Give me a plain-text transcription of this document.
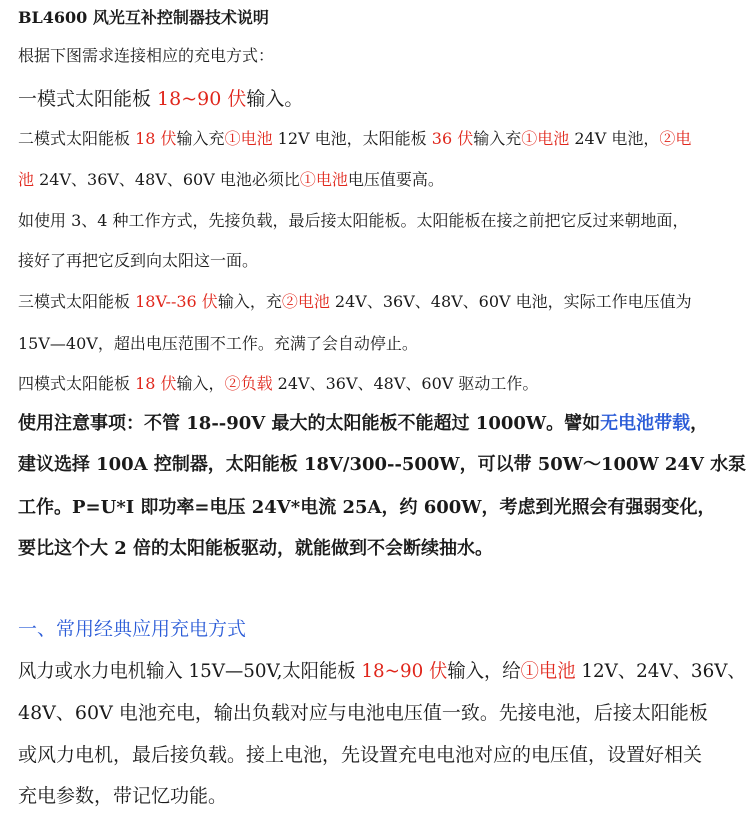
BL4600 风光互补控制器技术说明
根据下图需求连接相应的充电方式：
一模式太阳能板 18~90 伏输入。
二模式太阳能板 18 伏输入充①电池 12V 电池，太阳能板 36 伏输入充①电池 24V 电池，②电
池 24V、36V、48V、60V 电池必须比①电池电压值要高。
如使用 3、4 种工作方式，先接负载，最后接太阳能板。太阳能板在接之前把它反过来朝地面，
接好了再把它反到向太阳这一面。
三模式太阳能板 18V--36 伏输入，充②电池 24V、36V、48V、60V 电池，实际工作电压值为
15V—40V，超出电压范围不工作。充满了会自动停止。
四模式太阳能板 18 伏输入，②负载 24V、36V、48V、60V 驱动工作。
使用注意事项：不管 18--90V 最大的太阳能板不能超过 1000W。譬如无电池带载，
建议选择 100A 控制器，太阳能板 18V/300--500W，可以带 50W～100W 24V 水泵
工作。P=U*I 即功率=电压 24V*电流 25A，约 600W，考虑到光照会有强弱变化，
要比这个大 2 倍的太阳能板驱动，就能做到不会断续抽水。
一、常用经典应用充电方式
风力或水力电机输入 15V—50V,太阳能板 18~90 伏输入，给①电池 12V、24V、36V、
48V、60V 电池充电，输出负载对应与电池电压值一致。先接电池，后接太阳能板
或风力电机，最后接负载。接上电池，先设置充电电池对应的电压值，设置好相关
充电参数，带记忆功能。
